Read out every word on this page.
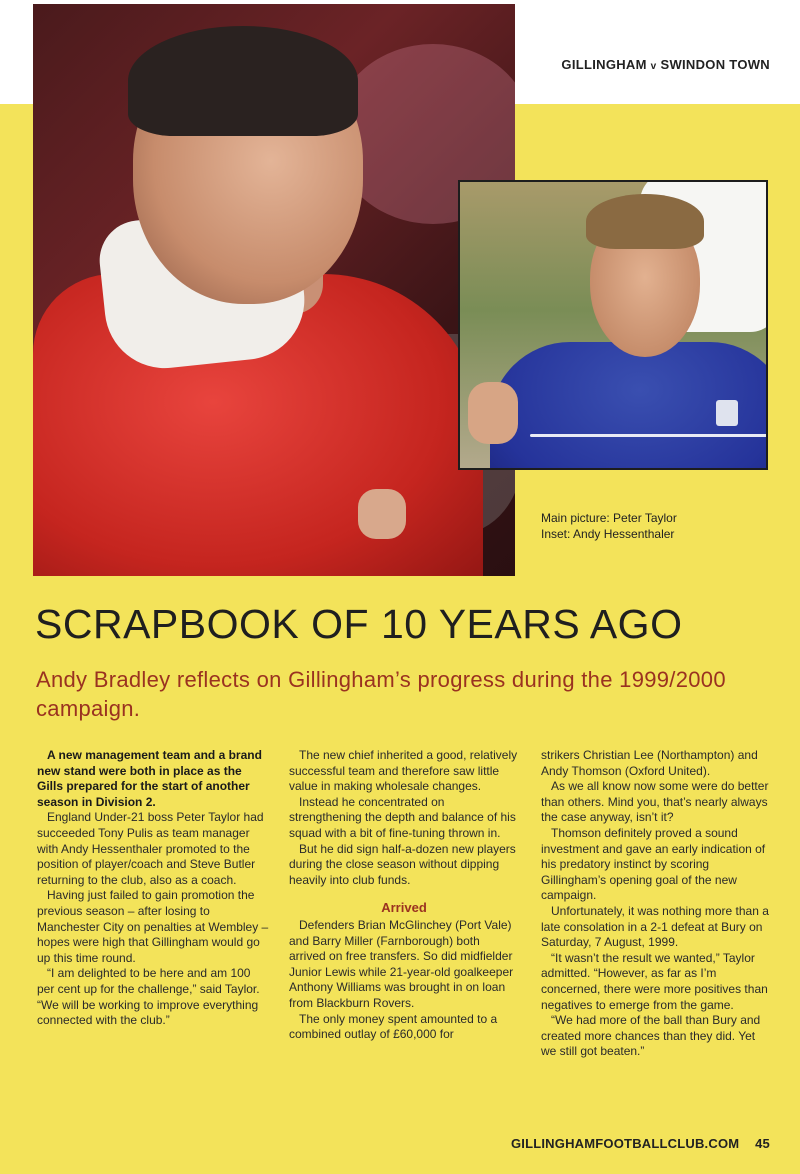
GILLINGHAM v SWINDON TOWN
Main picture: Peter Taylor
Inset: Andy Hessenthaler
SCRAPBOOK OF 10 YEARS AGO
Andy Bradley reflects on Gillingham’s progress during the 1999/2000 campaign.

A new management team and a brand new stand were both in place as the Gills prepared for the start of another season in Division 2.

England Under-21 boss Peter Taylor had succeeded Tony Pulis as team manager with Andy Hessenthaler promoted to the position of player/coach and Steve Butler returning to the club, also as a coach.

Having just failed to gain promotion the previous season – after losing to Manchester City on penalties at Wembley – hopes were high that Gillingham would go up this time round.

“I am delighted to be here and am 100 per cent up for the challenge,” said Taylor. “We will be working to improve everything connected with the club.”

The new chief inherited a good, relatively successful team and therefore saw little value in making wholesale changes.

Instead he concentrated on strengthening the depth and balance of his squad with a bit of fine-tuning thrown in.

But he did sign half-a-dozen new players during the close season without dipping heavily into club funds.

Arrived

Defenders Brian McGlinchey (Port Vale) and Barry Miller (Farnborough) both arrived on free transfers. So did midfielder Junior Lewis while 21-year-old goalkeeper Anthony Williams was brought in on loan from Blackburn Rovers.

The only money spent amounted to a combined outlay of £60,000 for

strikers Christian Lee (Northampton) and Andy Thomson (Oxford United).

As we all know now some were do better than others. Mind you, that’s nearly always the case anyway, isn’t it?

Thomson definitely proved a sound investment and gave an early indication of his predatory instinct by scoring Gillingham’s opening goal of the new campaign.

Unfortunately, it was nothing more than a late consolation in a 2-1 defeat at Bury on Saturday, 7 August, 1999.

“It wasn’t the result we wanted,” Taylor admitted. “However, as far as I’m concerned, there were more positives than negatives to emerge from the game.

“We had more of the ball than Bury and created more chances than they did. Yet we still got beaten.”

GILLINGHAMFOOTBALLCLUB.COM 45
